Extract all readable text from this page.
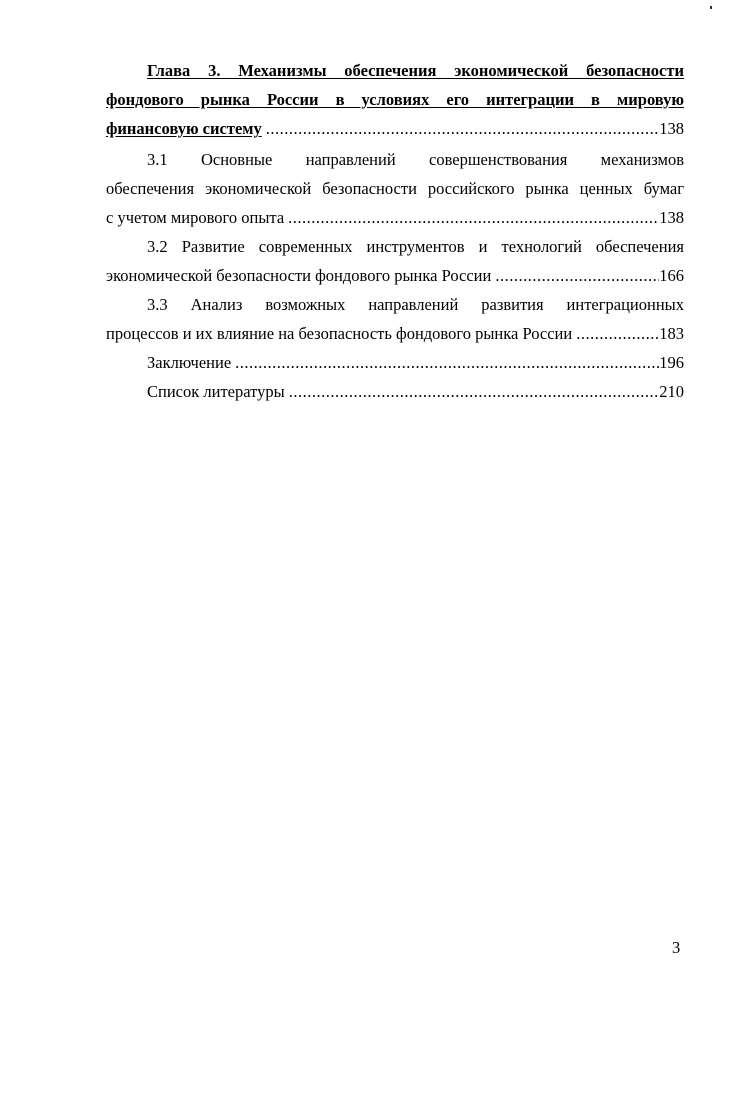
Глава 3. Механизмы обеспечения экономической безопасности
фондового рынка России в условиях его интеграции в мировую
финансовую систему .....	138
3.1 Основные направлений совершенствования механизмов
обеспечения экономической безопасности российского рынка ценных бумаг
с учетом мирового опыта .....	138
3.2 Развитие современных инструментов и технологий обеспечения
экономической безопасности фондового рынка России .....	166
3.3 Анализ возможных направлений развития интеграционных
процессов и их влияние на безопасность фондового рынка России .....	183
Заключение .....	196
Список литературы .....	210
3
